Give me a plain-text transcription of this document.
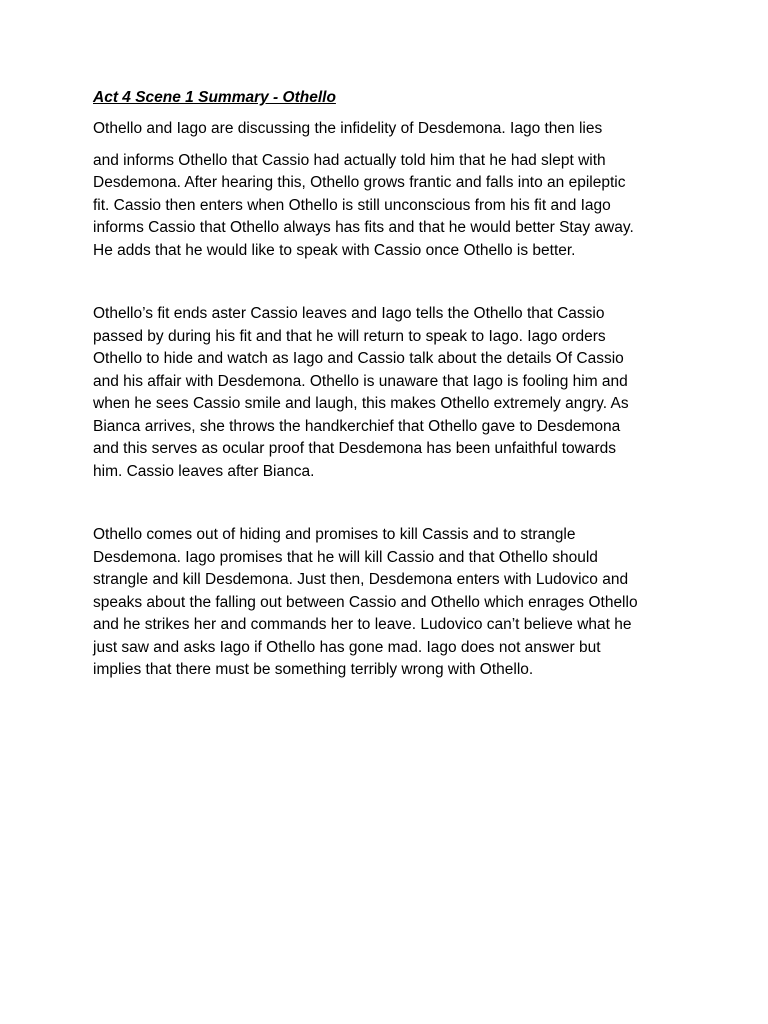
Act 4 Scene 1 Summary - Othello

Othello and Iago are discussing the infidelity of Desdemona. Iago then lies
and informs Othello that Cassio had actually told him that he had slept with
Desdemona. After hearing this, Othello grows frantic and falls into an epileptic
fit. Cassio then enters when Othello is still unconscious from his fit and Iago
informs Cassio that Othello always has fits and that he would better Stay away.
He adds that he would like to speak with Cassio once Othello is better.

Othello’s fit ends aster Cassio leaves and Iago tells the Othello that Cassio
passed by during his fit and that he will return to speak to Iago. Iago orders
Othello to hide and watch as Iago and Cassio talk about the details Of Cassio
and his affair with Desdemona. Othello is unaware that Iago is fooling him and
when he sees Cassio smile and laugh, this makes Othello extremely angry. As
Bianca arrives, she throws the handkerchief that Othello gave to Desdemona
and this serves as ocular proof that Desdemona has been unfaithful towards
him. Cassio leaves after Bianca.

Othello comes out of hiding and promises to kill Cassis and to strangle
Desdemona. Iago promises that he will kill Cassio and that Othello should
strangle and kill Desdemona. Just then, Desdemona enters with Ludovico and
speaks about the falling out between Cassio and Othello which enrages Othello
and he strikes her and commands her to leave. Ludovico can’t believe what he
just saw and asks Iago if Othello has gone mad. Iago does not answer but
implies that there must be something terribly wrong with Othello.
